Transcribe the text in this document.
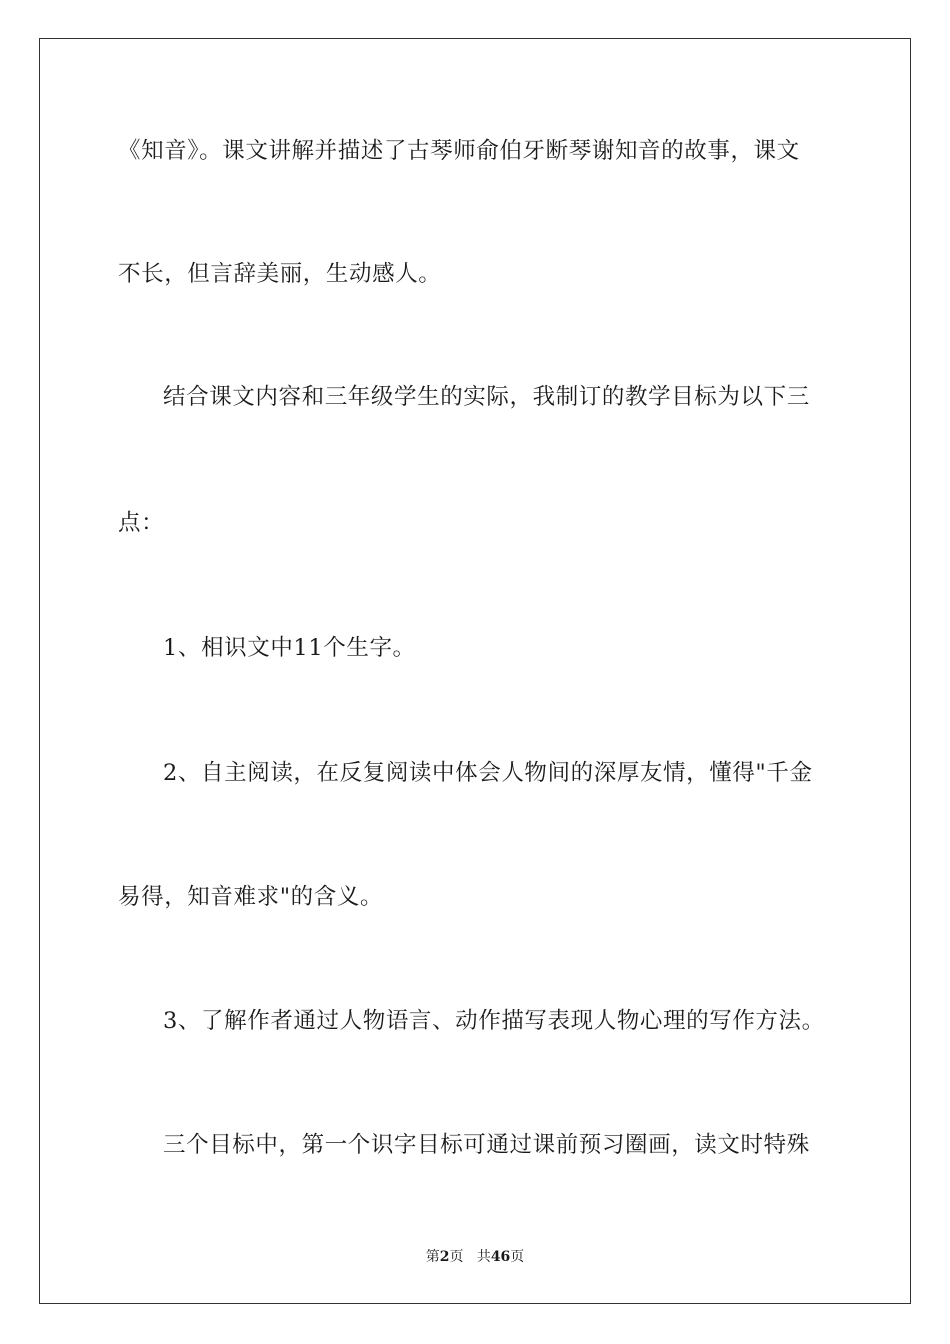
《知音》。课文讲解并描述了古琴师俞伯牙断琴谢知音的故事，课文
不长，但言辞美丽，生动感人。
结合课文内容和三年级学生的实际，我制订的教学目标为以下三
点：
1、相识文中11个生字。
2、自主阅读，在反复阅读中体会人物间的深厚友情，懂得"千金
易得，知音难求"的含义。
3、了解作者通过人物语言、动作描写表现人物心理的写作方法。
三个目标中，第一个识字目标可通过课前预习圈画，读文时特殊
第2页 共46页
